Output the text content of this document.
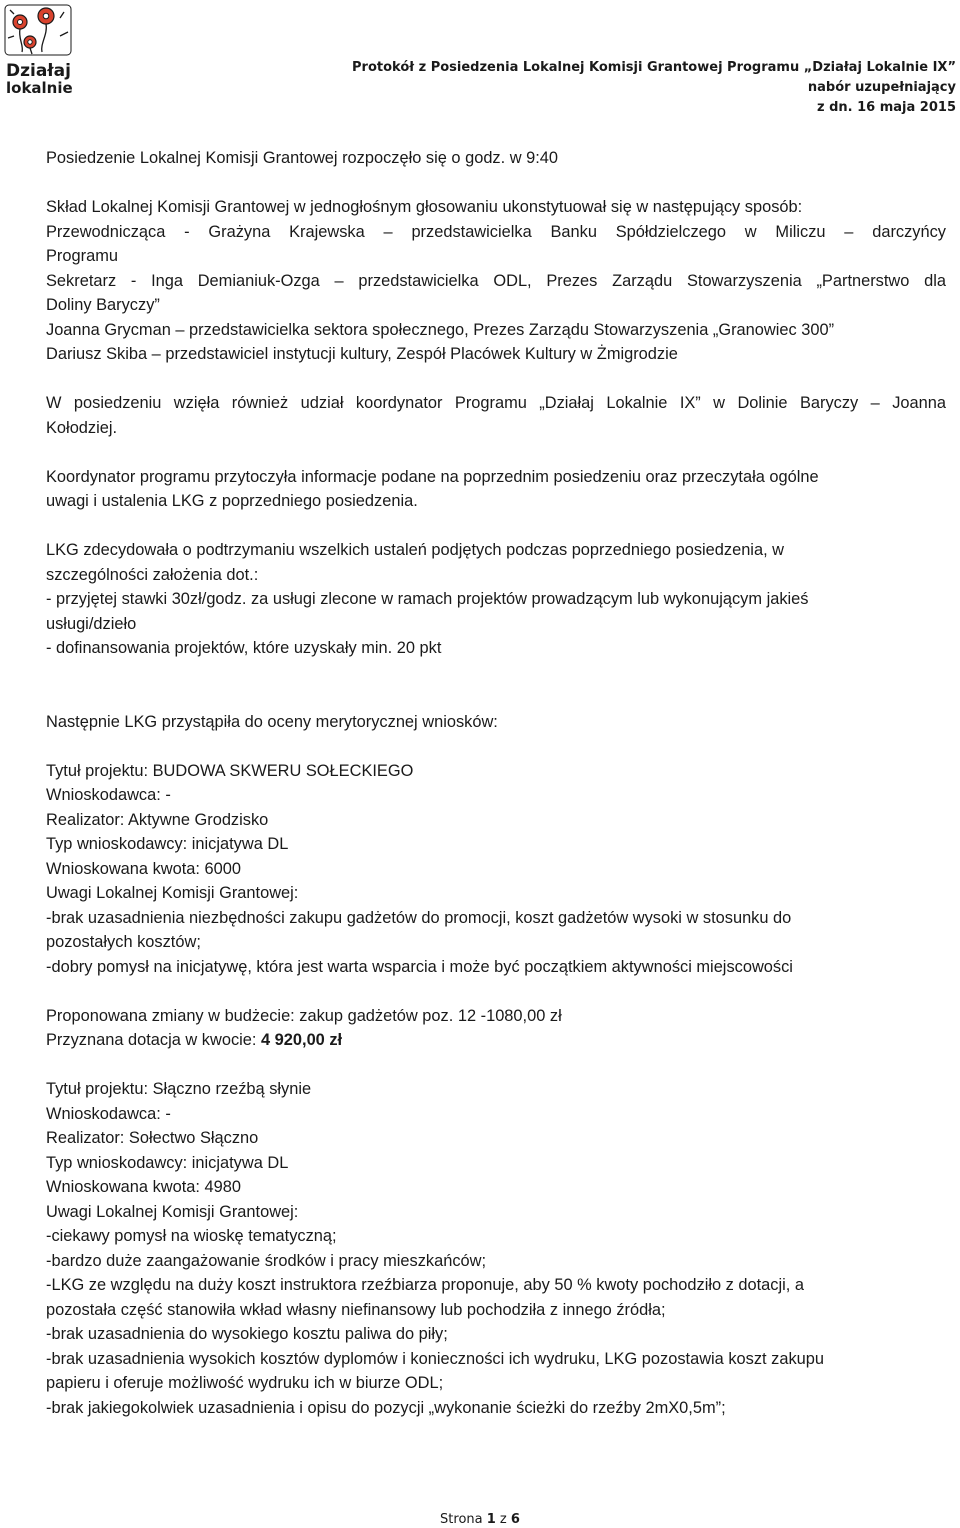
Działaj
lokalnie
Protokół z Posiedzenia Lokalnej Komisji Grantowej Programu „Działaj Lokalnie IX”
nabór uzupełniający
z dn. 16 maja 2015
Posiedzenie Lokalnej Komisji Grantowej rozpoczęło się o godz. w 9:40
Skład Lokalnej Komisji Grantowej w jednogłośnym głosowaniu ukonstytuował się w następujący sposób:
Przewodnicząca - Grażyna Krajewska – przedstawicielka Banku Spółdzielczego w Miliczu – darczyńcy
Programu
Sekretarz - Inga Demianiuk-Ozga – przedstawicielka ODL, Prezes Zarządu Stowarzyszenia „Partnerstwo dla
Doliny Baryczy”
Joanna Grycman – przedstawicielka sektora społecznego, Prezes Zarządu Stowarzyszenia „Granowiec 300”
Dariusz Skiba – przedstawiciel instytucji kultury, Zespół Placówek Kultury w Żmigrodzie
W posiedzeniu wzięła również udział koordynator Programu „Działaj Lokalnie IX” w Dolinie Baryczy – Joanna
Kołodziej.
Koordynator programu przytoczyła informacje podane na poprzednim posiedzeniu oraz przeczytała ogólne
uwagi i ustalenia LKG z poprzedniego posiedzenia.
LKG zdecydowała o podtrzymaniu wszelkich ustaleń podjętych podczas poprzedniego posiedzenia, w
szczególności założenia dot.:
- przyjętej stawki 30zł/godz. za usługi zlecone w ramach projektów prowadzącym lub wykonującym jakieś
usługi/dzieło
- dofinansowania projektów, które uzyskały min. 20 pkt
Następnie LKG przystąpiła do oceny merytorycznej wniosków:
Tytuł projektu: BUDOWA SKWERU SOŁECKIEGO
Wnioskodawca: -
Realizator: Aktywne Grodzisko
Typ wnioskodawcy: inicjatywa DL
Wnioskowana kwota: 6000
Uwagi Lokalnej Komisji Grantowej:
-brak uzasadnienia niezbędności zakupu gadżetów do promocji, koszt gadżetów wysoki w stosunku do
pozostałych kosztów;
-dobry pomysł na inicjatywę, która jest warta wsparcia i może być początkiem aktywności miejscowości
Proponowana zmiany w budżecie: zakup gadżetów poz. 12 -1080,00 zł
Przyznana dotacja w kwocie: 4 920,00 zł
Tytuł projektu: Słączno rzeźbą słynie
Wnioskodawca: -
Realizator: Sołectwo Słączno
Typ wnioskodawcy: inicjatywa DL
Wnioskowana kwota: 4980
Uwagi Lokalnej Komisji Grantowej:
-ciekawy pomysł na wioskę tematyczną;
-bardzo duże zaangażowanie środków i pracy mieszkańców;
-LKG ze względu na duży koszt instruktora rzeźbiarza proponuje, aby 50 % kwoty pochodziło z dotacji, a
pozostała część stanowiła wkład własny niefinansowy lub pochodziła z innego źródła;
-brak uzasadnienia do wysokiego kosztu paliwa do piły;
-brak uzasadnienia wysokich kosztów dyplomów i konieczności ich wydruku, LKG pozostawia koszt zakupu
papieru i oferuje możliwość wydruku ich w biurze ODL;
-brak jakiegokolwiek uzasadnienia i opisu do pozycji „wykonanie ścieżki do rzeźby 2mX0,5m”;
Strona 1 z 6
